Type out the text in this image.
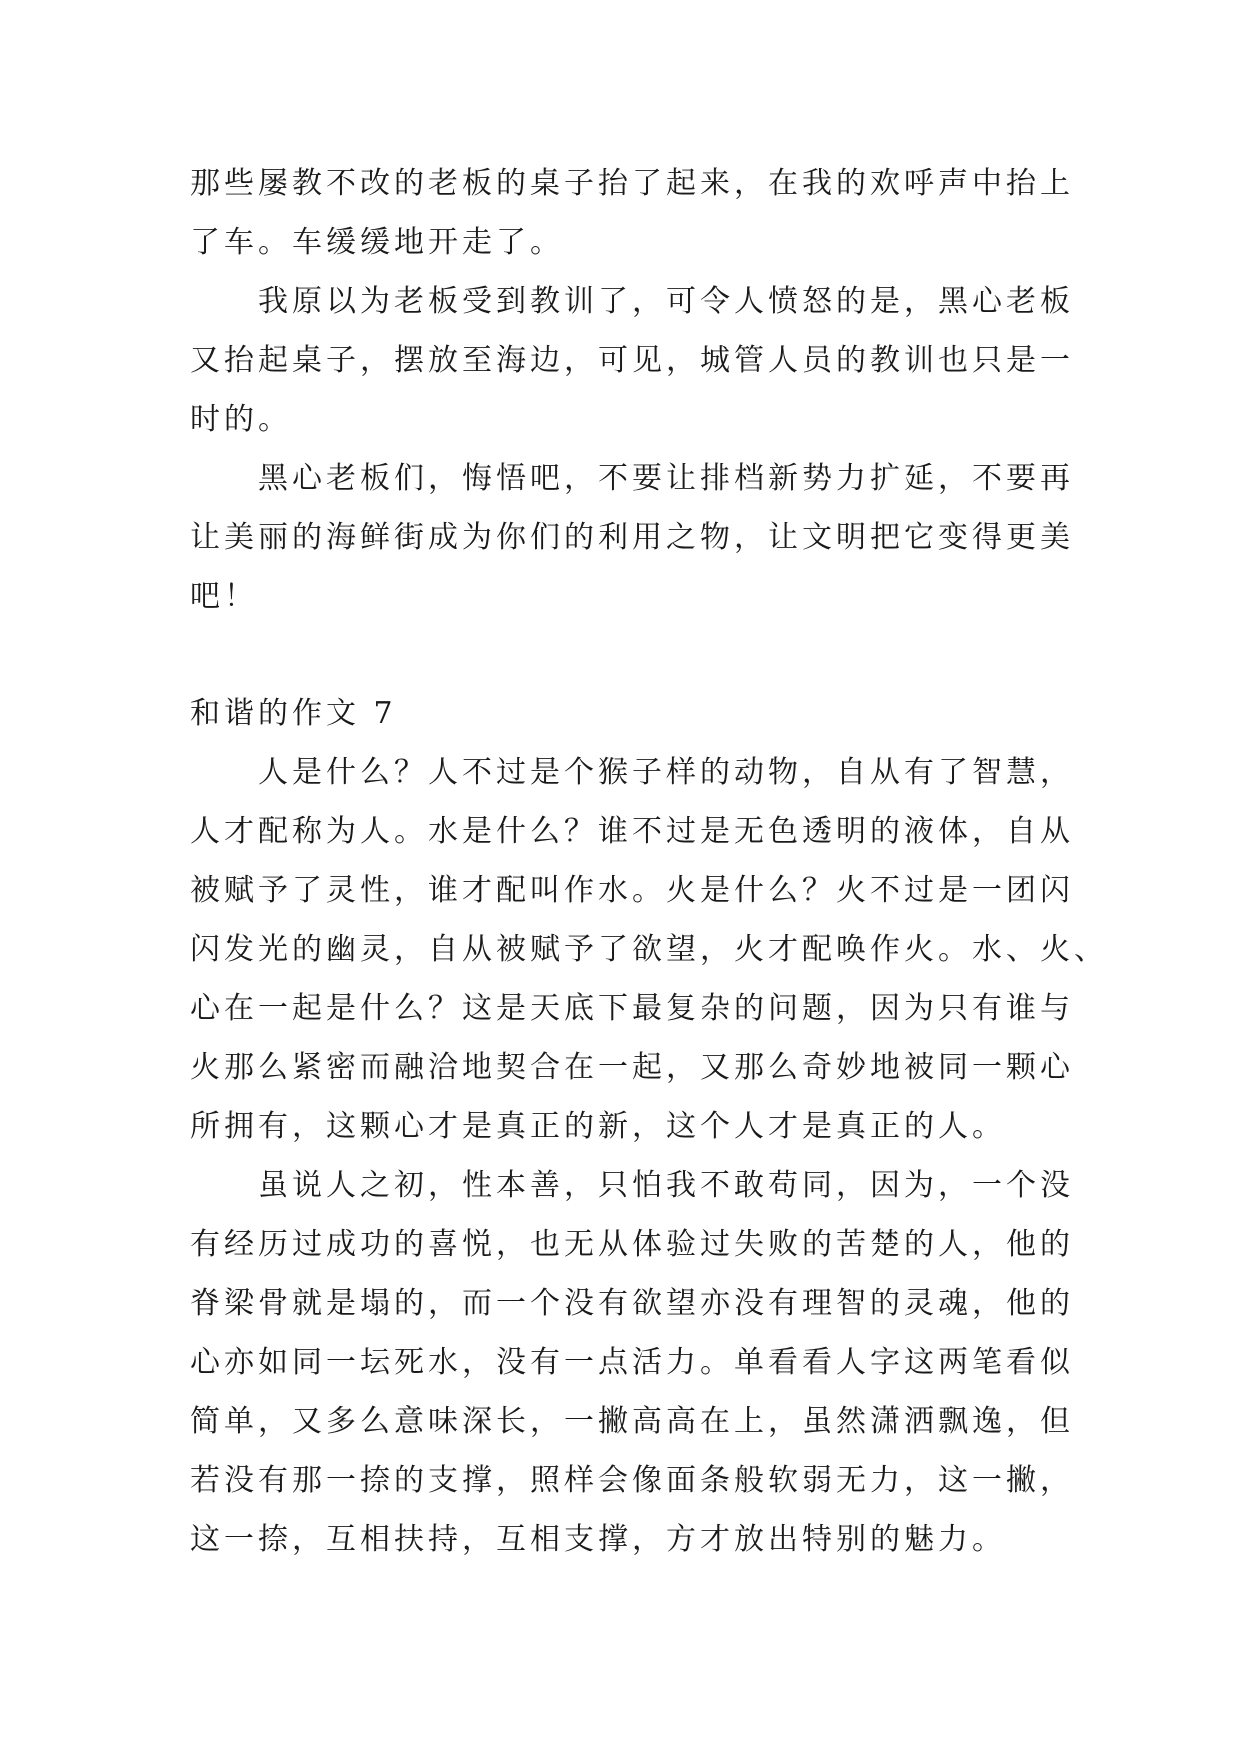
那些屡教不改的老板的桌子抬了起来，在我的欢呼声中抬上
了车。车缓缓地开走了。
我原以为老板受到教训了，可令人愤怒的是，黑心老板
又抬起桌子，摆放至海边，可见，城管人员的教训也只是一
时的。
黑心老板们，悔悟吧，不要让排档新势力扩延，不要再
让美丽的海鲜街成为你们的利用之物，让文明把它变得更美
吧！
和谐的作文 7
人是什么？人不过是个猴子样的动物，自从有了智慧，
人才配称为人。水是什么？谁不过是无色透明的液体，自从
被赋予了灵性，谁才配叫作水。火是什么？火不过是一团闪
闪发光的幽灵，自从被赋予了欲望，火才配唤作火。水、火、
心在一起是什么？这是天底下最复杂的问题，因为只有谁与
火那么紧密而融洽地契合在一起，又那么奇妙地被同一颗心
所拥有，这颗心才是真正的新，这个人才是真正的人。
虽说人之初，性本善，只怕我不敢苟同，因为，一个没
有经历过成功的喜悦，也无从体验过失败的苦楚的人，他的
脊梁骨就是塌的，而一个没有欲望亦没有理智的灵魂，他的
心亦如同一坛死水，没有一点活力。单看看人字这两笔看似
简单，又多么意味深长，一撇高高在上，虽然潇洒飘逸，但
若没有那一捺的支撑，照样会像面条般软弱无力，这一撇，
这一捺，互相扶持，互相支撑，方才放出特别的魅力。
